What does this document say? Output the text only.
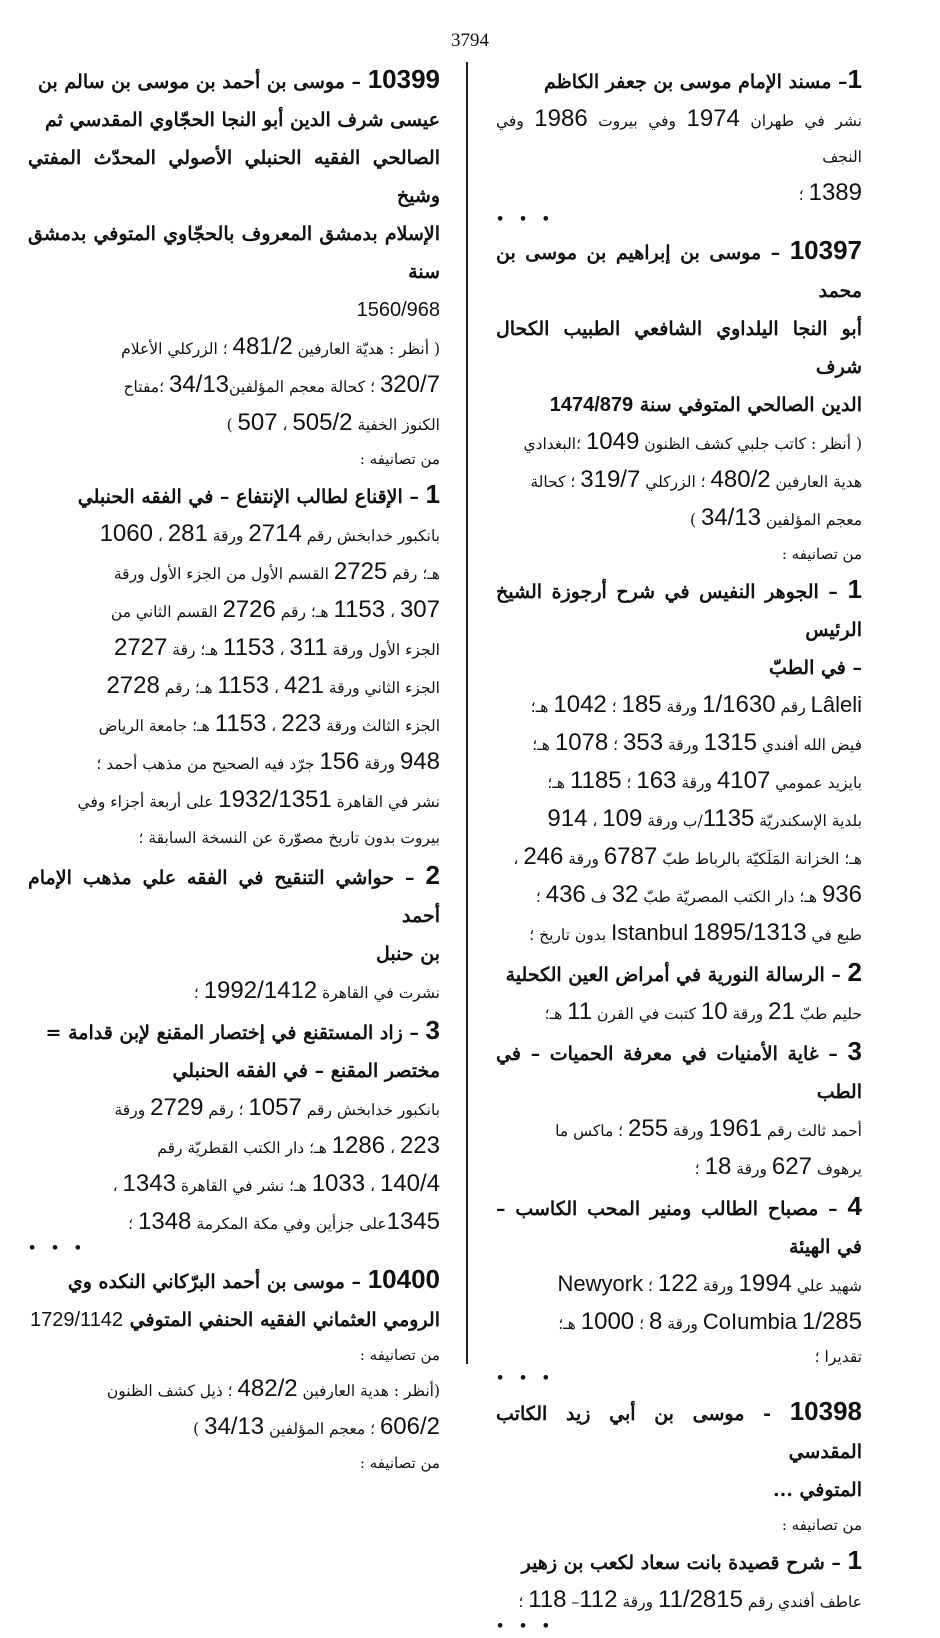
3794

1– مسند الإمام موسى بن جعفر الكاظم

نشر في طهران 1974 وفي بيروت 1986 وفي النجف

1389 ؛

• • •

10397 – موسى بن إبراهيم بن موسى بن محمد

أبو النجا اليلداوي الشافعي الطبيب الكحال شرف

الدين الصالحي المتوفي سنة 1474/879

( أنظر : كاتب جلبي كشف الظنون 1049 ؛البغدادي

هدية العارفين 480/2 ؛ الزركلي 319/7 ؛ كحالة

معجم المؤلفين 34/13 )

من تصانيفه :

1 – الجوهر النفيس في شرح أرجوزة الشيخ الرئيس

– في الطبّ

Lâleli رقم 1/1630 ورقة 185 ؛ 1042 هـ؛

فيض الله أفندي 1315 ورقة 353 ؛ 1078 هـ؛

بايزيد عمومي 4107 ورقة 163 ؛ 1185 هـ؛

بلدية الإسكندريّة 1135/ب ورقة 109 ، 914

هـ؛ الخزانة المَلَكيّة بالرباط طبّ 6787 ورقة 246 ،

936 هـ؛ دار الكتب المصريّة طبّ 32 ف 436 ؛

طبع في Istanbul 1895/1313 بدون تاريخ ؛

2 – الرسالة النورية في أمراض العين الكحلية

حليم طبّ 21 ورقة 10 كتبت في القرن 11 هـ؛

3 – غاية الأمنيات في معرفة الحميات – في الطب

أحمد ثالث رقم 1961 ورقة 255 ؛ ماكس ما

يرهوف 627 ورقة 18 ؛

4 – مصباح الطالب ومنير المحب الكاسب – في الهيئة

شهيد علي 1994 ورقة 122 ؛ Newyork

CoIumbia 1/285 ورقة 8 ؛ 1000 هـ؛

تقديرا ؛

• • •

10398 - موسى بن أبي زيد الكاتب المقدسي

المتوفي ...

من تصانيفه :

1 – شرح قصيدة بانت سعاد لكعب بن زهير

عاطف أفندي رقم 11/2815 ورقة 112– 118 ؛

• • •

10399 – موسى بن أحمد بن موسى بن سالم بن

عيسى شرف الدين أبو النجا الحجّاوي المقدسي ثم

الصالحي الفقيه الحنبلي الأصولي المحدّث المفتي وشيخ

الإسلام بدمشق المعروف بالحجّاوي المتوفي بدمشق سنة

1560/968

( أنظر : هديّة العارفين 481/2 ؛ الزركلي الأعلام

320/7 ؛ كحالة معجم المؤلفين34/13 ؛مفتاح

الكنوز الخفية 505/2 ، 507 )

من تصانيفه :

1 – الإقناع لطالب الإنتفاع – في الفقه الحنبلي

بانكبور خدابخش رقم 2714 ورقة 281 ، 1060

هـ؛ رقم 2725 القسم الأول من الجزء الأول ورقة

307 ، 1153 هـ؛ رقم 2726 القسم الثاني من

الجزء الأول ورقة 311 ، 1153 هـ؛ رقة 2727

الجزء الثاني ورقة 421 ، 1153 هـ؛ رقم 2728

الجزء الثالث ورقة 223 ، 1153 هـ؛ جامعة الرياض

948 ورقة 156 جرّد فيه الصحيح من مذهب أحمد ؛

نشر في القاهرة 1932/1351 على أربعة أجزاء وفي

بيروت بدون تاريخ مصوّرة عن النسخة السابقة ؛

2 – حواشي التنقيح في الفقه علي مذهب الإمام أحمد

بن حنبل

نشرت في القاهرة 1992/1412 ؛

3 – زاد المستقنع في إختصار المقنع لإبن قدامة =

مختصر المقنع – في الفقه الحنبلي

بانكبور خدابخش رقم 1057 ؛ رقم 2729 ورقة

223 ، 1286 هـ؛ دار الكتب القطريّة رقم

140/4 ، 1033 هـ؛ نشر في القاهرة 1343 ،

1345على جزأين وفي مكة المكرمة 1348 ؛

• • •

10400 – موسى بن أحمد البرّكاني النكده وي

الرومي العثماني الفقيه الحنفي المتوفي 1729/1142

من تصانيفه :

(أنظر : هدية العارفين 482/2 ؛ ذيل كشف الظنون

606/2 ؛ معجم المؤلفين 34/13 )

من تصانيفه :
